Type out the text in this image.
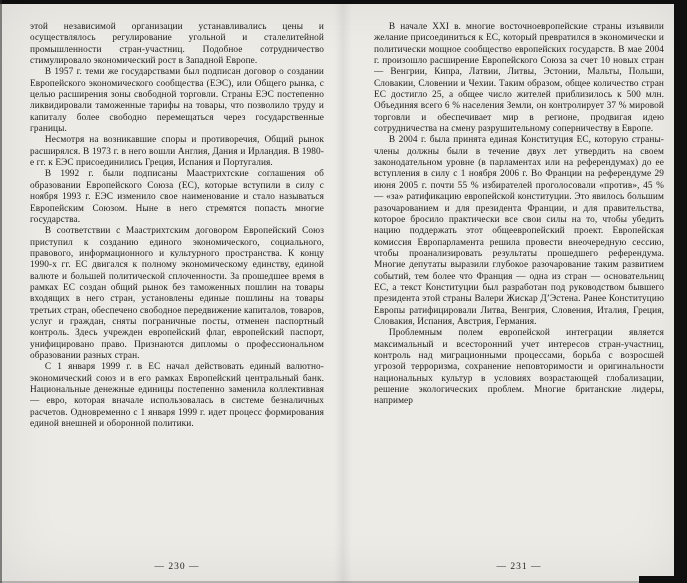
этой независимой организации устанавливались цены и осуществлялось регулирование угольной и сталелитейной промышленности стран-участниц. Подобное сотрудничество стимулировало экономический рост в Западной Европе.

В 1957 г. теми же государствами был подписан договор о создании Европейского экономического сообщества (ЕЭС), или Общего рынка, с целью расширения зоны свободной торговли. Страны ЕЭС постепенно ликвидировали таможенные тарифы на товары, что позволило труду и капиталу более свободно перемещаться через государственные границы.

Несмотря на возникавшие споры и противоречия, Общий рынок расширялся. В 1973 г. в него вошли Англия, Дания и Ирландия. В 1980-е гг. к ЕЭС присоединились Греция, Испания и Португалия.

В 1992 г. были подписаны Маастрихтские соглашения об образовании Европейского Союза (ЕС), которые вступили в силу с ноября 1993 г. ЕЭС изменило свое наименование и стало называться Европейским Союзом. Ныне в него стремятся попасть многие государства.

В соответствии с Маастрихтским договором Европейский Союз приступил к созданию единого экономического, социального, правового, информационного и культурного пространства. К концу 1990-х гг. ЕС двигался к полному экономическому единству, единой валюте и большей политической сплоченности. За прошедшее время в рамках ЕС создан общий рынок без таможенных пошлин на товары входящих в него стран, установлены единые пошлины на товары третьих стран, обеспечено свободное передвижение капиталов, товаров, услуг и граждан, сняты пограничные посты, отменен паспортный контроль. Здесь учрежден европейский флаг, европейский паспорт, унифицировано право. Признаются дипломы о профессиональном образовании разных стран.

С 1 января 1999 г. в ЕС начал действовать единый валютно-экономический союз и в его рамках Европейский центральный банк. Национальные денежные единицы постепенно заменила коллективная — евро, которая вначале использовалась в системе безналичных расчетов. Одновременно с 1 января 1999 г. идет процесс формирования единой внешней и оборонной политики.

— 230 —

В начале XXI в. многие восточноевропейские страны изъявили желание присоединиться к ЕС, который превратился в экономически и политически мощное сообщество европейских государств. В мае 2004 г. произошло расширение Европейского Союза за счет 10 новых стран — Венгрии, Кипра, Латвии, Литвы, Эстонии, Мальты, Польши, Словакии, Словении и Чехии. Таким образом, общее количество стран ЕС достигло 25, а общее число жителей приблизилось к 500 млн. Объединяя всего 6 % населения Земли, он контролирует 37 % мировой торговли и обеспечивает мир в регионе, продвигая идею сотрудничества на смену разрушительному соперничеству в Европе.

В 2004 г. была принята единая Конституция ЕС, которую страны-члены должны были в течение двух лет утвердить на своем законодательном уровне (в парламентах или на референдумах) до ее вступления в силу с 1 ноября 2006 г. Во Франции на референдуме 29 июня 2005 г. почти 55 % избирателей проголосовали «против», 45 % — «за» ратификацию европейской конституции. Это явилось большим разочарованием и для президента Франции, и для правительства, которое бросило практически все свои силы на то, чтобы убедить нацию поддержать этот общеевропейский проект. Европейская комиссия Европарламента решила провести внеочередную сессию, чтобы проанализировать результаты прошедшего референдума. Многие депутаты выразили глубокое разочарование таким развитием событий, тем более что Франция — одна из стран — основательниц ЕС, а текст Конституции был разработан под руководством бывшего президента этой страны Валери Жискар Д’Эстена. Ранее Конституцию Европы ратифицировали Литва, Венгрия, Словения, Италия, Греция, Словакия, Испания, Австрия, Германия.

Проблемным полем европейской интеграции является максимальный и всесторонний учет интересов стран-участниц, контроль над миграционными процессами, борьба с возросшей угрозой терроризма, сохранение неповторимости и оригинальности национальных культур в условиях возрастающей глобализации, решение экологических проблем. Многие британские лидеры, например

— 231 —
